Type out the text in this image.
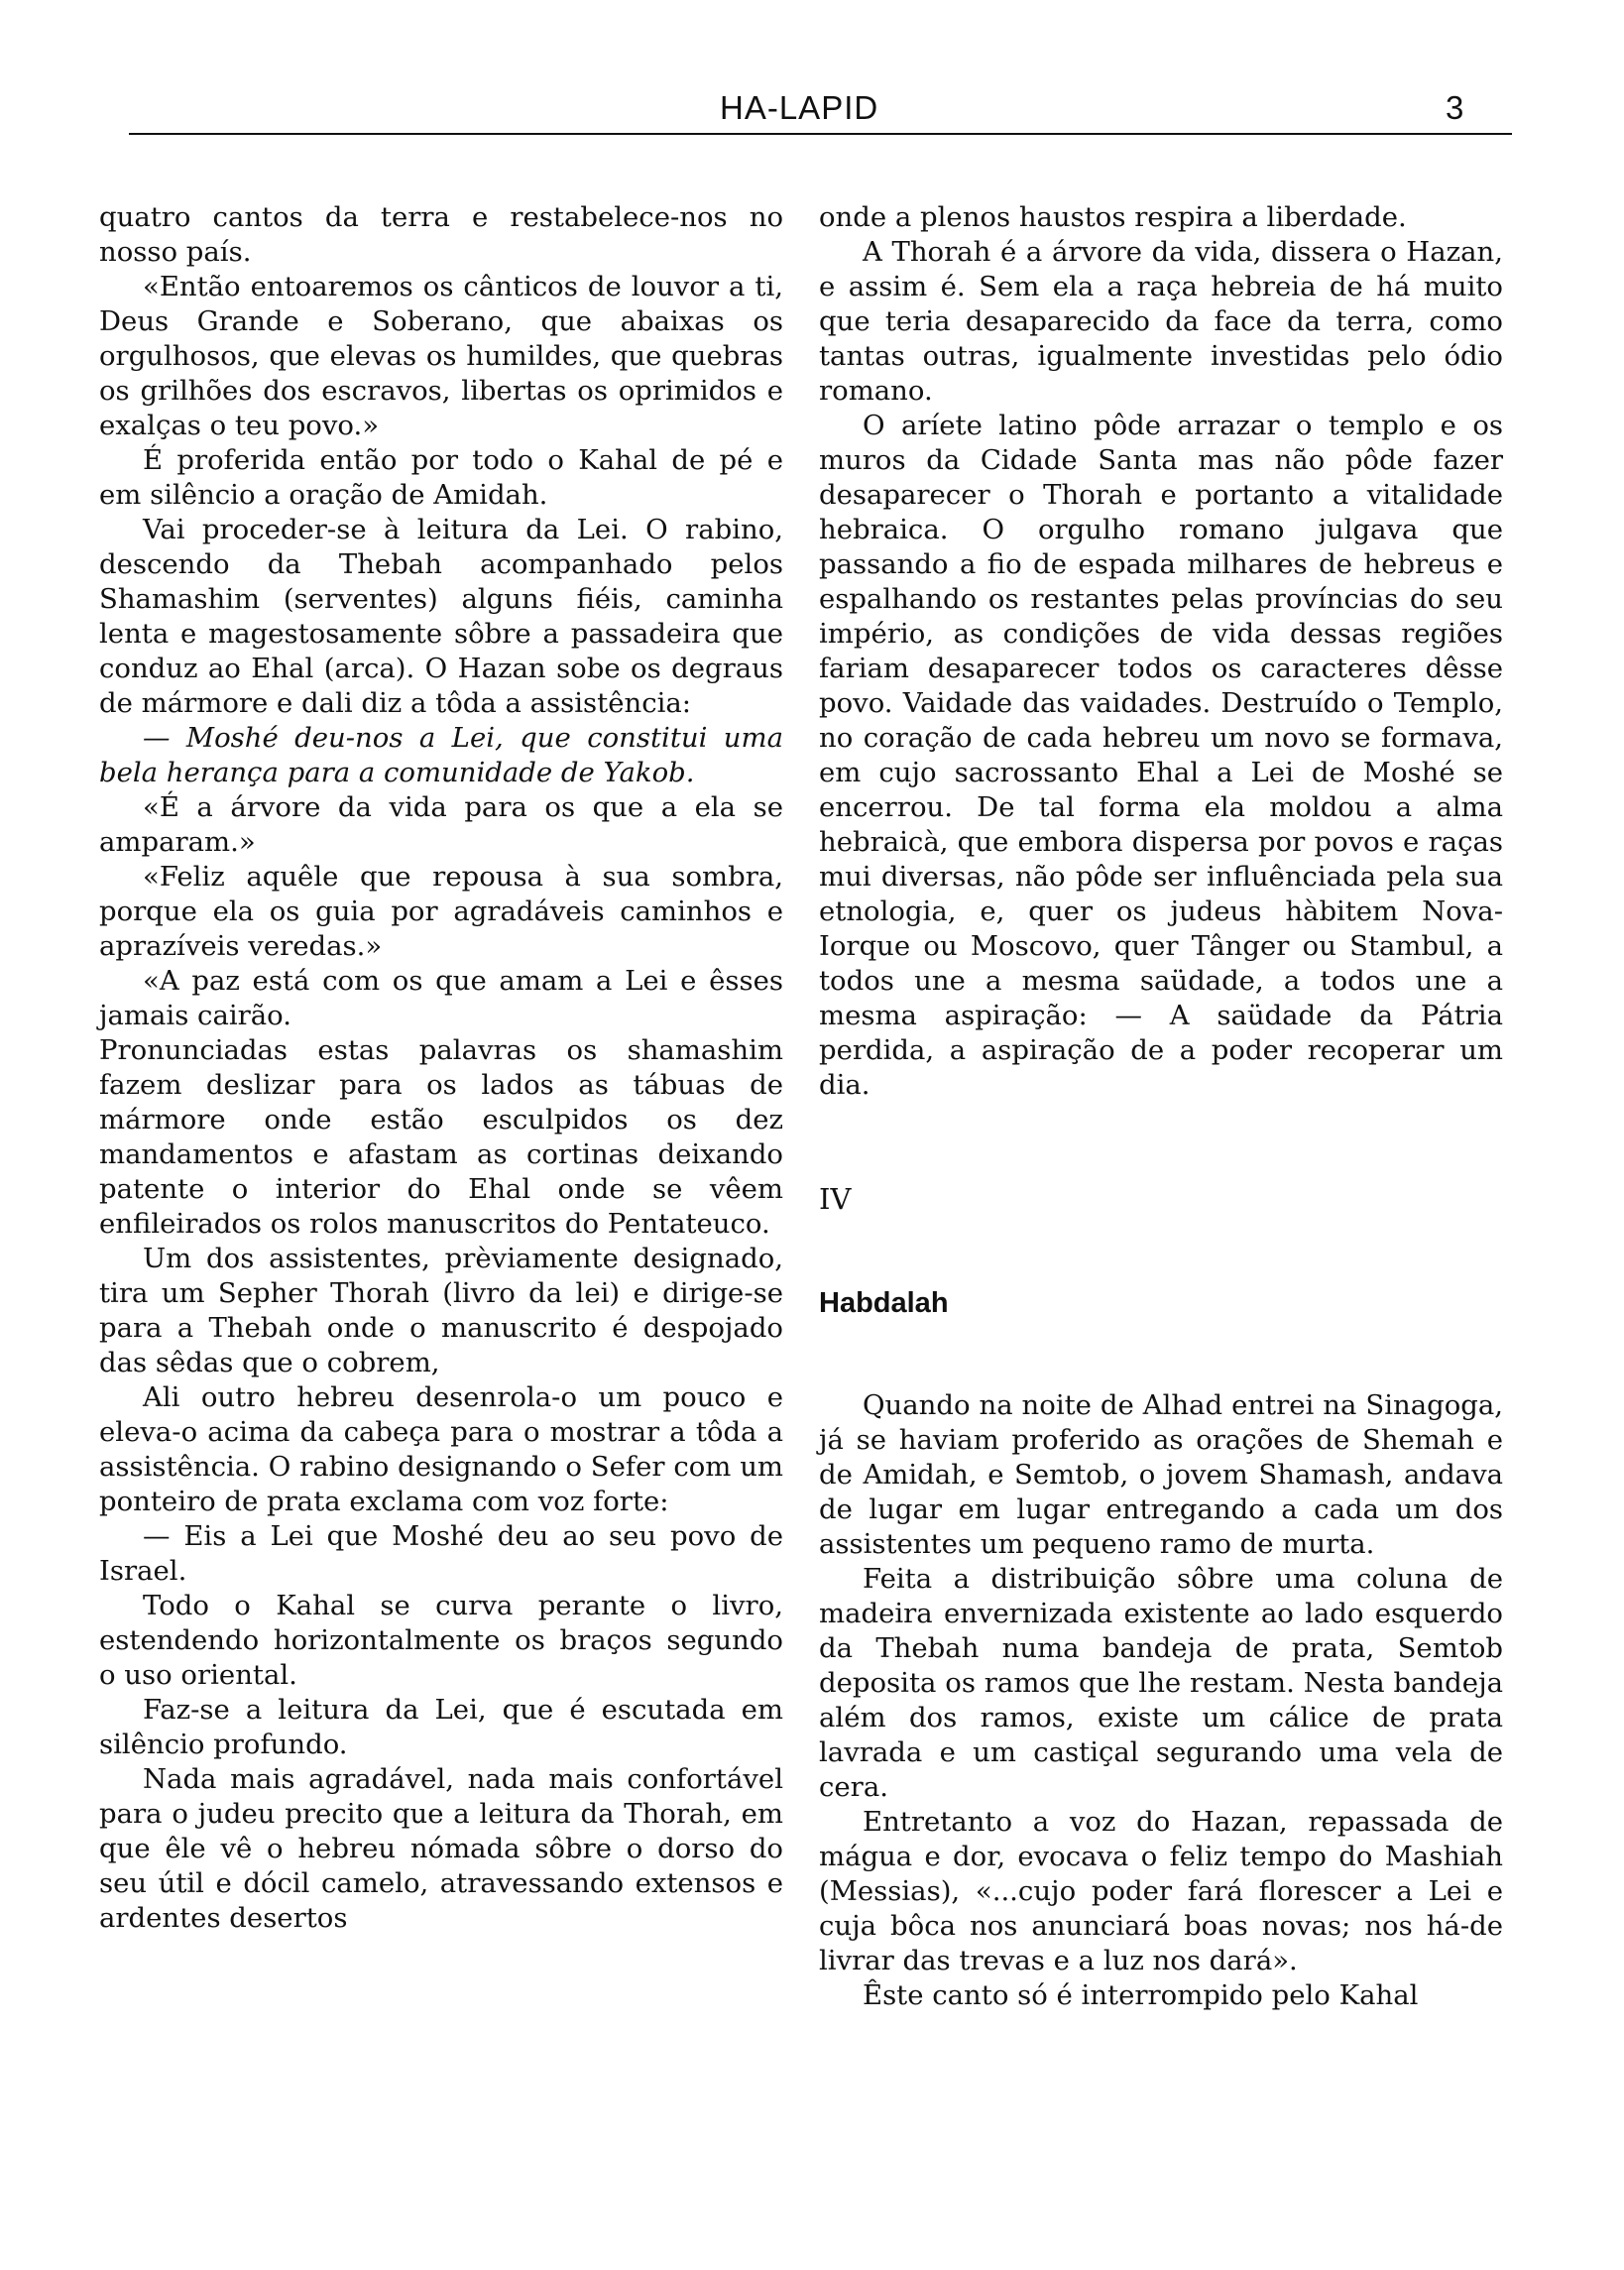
HA-LAPID	3

quatro cantos da terra e restabelece-nos no nosso país.

«Então entoaremos os cânticos de louvor a ti, Deus Grande e Soberano, que abaixas os orgulhosos, que elevas os humildes, que quebras os grilhões dos escravos, libertas os oprimidos e exalças o teu povo.»

É proferida então por todo o Kahal de pé e em silêncio a oração de Amidah.

Vai proceder-se à leitura da Lei. O rabino, descendo da Thebah acompanhado pelos Shamashim (serventes) alguns fiéis, caminha lenta e magestosamente sôbre a passadeira que conduz ao Ehal (arca). O Hazan sobe os degraus de mármore e dali diz a tôda a assistência:

— Moshé deu-nos a Lei, que constitui uma bela herança para a comunidade de Yakob.

«É a árvore da vida para os que a ela se amparam.»

«Feliz aquêle que repousa à sua sombra, porque ela os guia por agradáveis caminhos e aprazíveis veredas.»

«A paz está com os que amam a Lei e êsses jamais cairão.

Pronunciadas estas palavras os shamashim fazem deslizar para os lados as tábuas de mármore onde estão esculpidos os dez mandamentos e afastam as cortinas deixando patente o interior do Ehal onde se vêem enfileirados os rolos manuscritos do Pentateuco.

Um dos assistentes, prèviamente designado, tira um Sepher Thorah (livro da lei) e dirige-se para a Thebah onde o manuscrito é despojado das sêdas que o cobrem,

Ali outro hebreu desenrola-o um pouco e eleva-o acima da cabeça para o mostrar a tôda a assistência. O rabino designando o Sefer com um ponteiro de prata exclama com voz forte:

— Eis a Lei que Moshé deu ao seu povo de Israel.

Todo o Kahal se curva perante o livro, estendendo horizontalmente os braços segundo o uso oriental.

Faz-se a leitura da Lei, que é escutada em silêncio profundo.

Nada mais agradável, nada mais confortável para o judeu precito que a leitura da Thorah, em que êle vê o hebreu nómada sôbre o dorso do seu útil e dócil camelo, atravessando extensos e ardentes desertos

onde a plenos haustos respira a liberdade.

A Thorah é a árvore da vida, dissera o Hazan, e assim é. Sem ela a raça hebreia de há muito que teria desaparecido da face da terra, como tantas outras, igualmente investidas pelo ódio romano.

O aríete latino pôde arrazar o templo e os muros da Cidade Santa mas não pôde fazer desaparecer o Thorah e portanto a vitalidade hebraica. O orgulho romano julgava que passando a fio de espada milhares de hebreus e espalhando os restantes pelas províncias do seu império, as condições de vida dessas regiões fariam desaparecer todos os caracteres dêsse povo. Vaidade das vaidades. Destruído o Templo, no coração de cada hebreu um novo se formava, em cujo sacrossanto Ehal a Lei de Moshé se encerrou. De tal forma ela moldou a alma hebraicà, que embora dispersa por povos e raças mui diversas, não pôde ser influênciada pela sua etnologia, e, quer os judeus hàbitem Nova-Iorque ou Moscovo, quer Tânger ou Stambul, a todos une a mesma saüdade, a todos une a mesma aspiração: — A saüdade da Pátria perdida, a aspiração de a poder recoperar um dia.

IV

Habdalah

Quando na noite de Alhad entrei na Sinagoga, já se haviam proferido as orações de Shemah e de Amidah, e Semtob, o jovem Shamash, andava de lugar em lugar entregando a cada um dos assistentes um pequeno ramo de murta.

Feita a distribuição sôbre uma coluna de madeira envernizada existente ao lado esquerdo da Thebah numa bandeja de prata, Semtob deposita os ramos que lhe restam. Nesta bandeja além dos ramos, existe um cálice de prata lavrada e um castiçal segurando uma vela de cera.

Entretanto a voz do Hazan, repassada de mágua e dor, evocava o feliz tempo do Mashiah (Messias), «...cujo poder fará florescer a Lei e cuja bôca nos anunciará boas novas; nos há-de livrar das trevas e a luz nos dará».

Êste canto só é interrompido pelo Kahal
